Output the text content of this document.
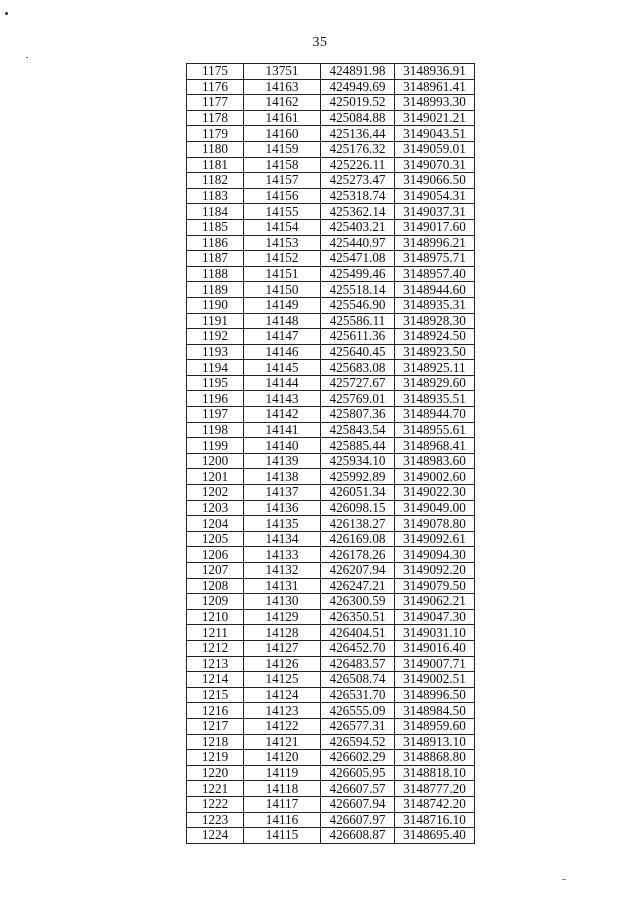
35
1175	13751	424891.98	3148936.91
1176	14163	424949.69	3148961.41
1177	14162	425019.52	3148993.30
1178	14161	425084.88	3149021.21
1179	14160	425136.44	3149043.51
1180	14159	425176.32	3149059.01
1181	14158	425226.11	3149070.31
1182	14157	425273.47	3149066.50
1183	14156	425318.74	3149054.31
1184	14155	425362.14	3149037.31
1185	14154	425403.21	3149017.60
1186	14153	425440.97	3148996.21
1187	14152	425471.08	3148975.71
1188	14151	425499.46	3148957.40
1189	14150	425518.14	3148944.60
1190	14149	425546.90	3148935.31
1191	14148	425586.11	3148928.30
1192	14147	425611.36	3148924.50
1193	14146	425640.45	3148923.50
1194	14145	425683.08	3148925.11
1195	14144	425727.67	3148929.60
1196	14143	425769.01	3148935.51
1197	14142	425807.36	3148944.70
1198	14141	425843.54	3148955.61
1199	14140	425885.44	3148968.41
1200	14139	425934.10	3148983.60
1201	14138	425992.89	3149002.60
1202	14137	426051.34	3149022.30
1203	14136	426098.15	3149049.00
1204	14135	426138.27	3149078.80
1205	14134	426169.08	3149092.61
1206	14133	426178.26	3149094.30
1207	14132	426207.94	3149092.20
1208	14131	426247.21	3149079.50
1209	14130	426300.59	3149062.21
1210	14129	426350.51	3149047.30
1211	14128	426404.51	3149031.10
1212	14127	426452.70	3149016.40
1213	14126	426483.57	3149007.71
1214	14125	426508.74	3149002.51
1215	14124	426531.70	3148996.50
1216	14123	426555.09	3148984.50
1217	14122	426577.31	3148959.60
1218	14121	426594.52	3148913.10
1219	14120	426602.29	3148868.80
1220	14119	426605.95	3148818.10
1221	14118	426607.57	3148777.20
1222	14117	426607.94	3148742.20
1223	14116	426607.97	3148716.10
1224	14115	426608.87	3148695.40
